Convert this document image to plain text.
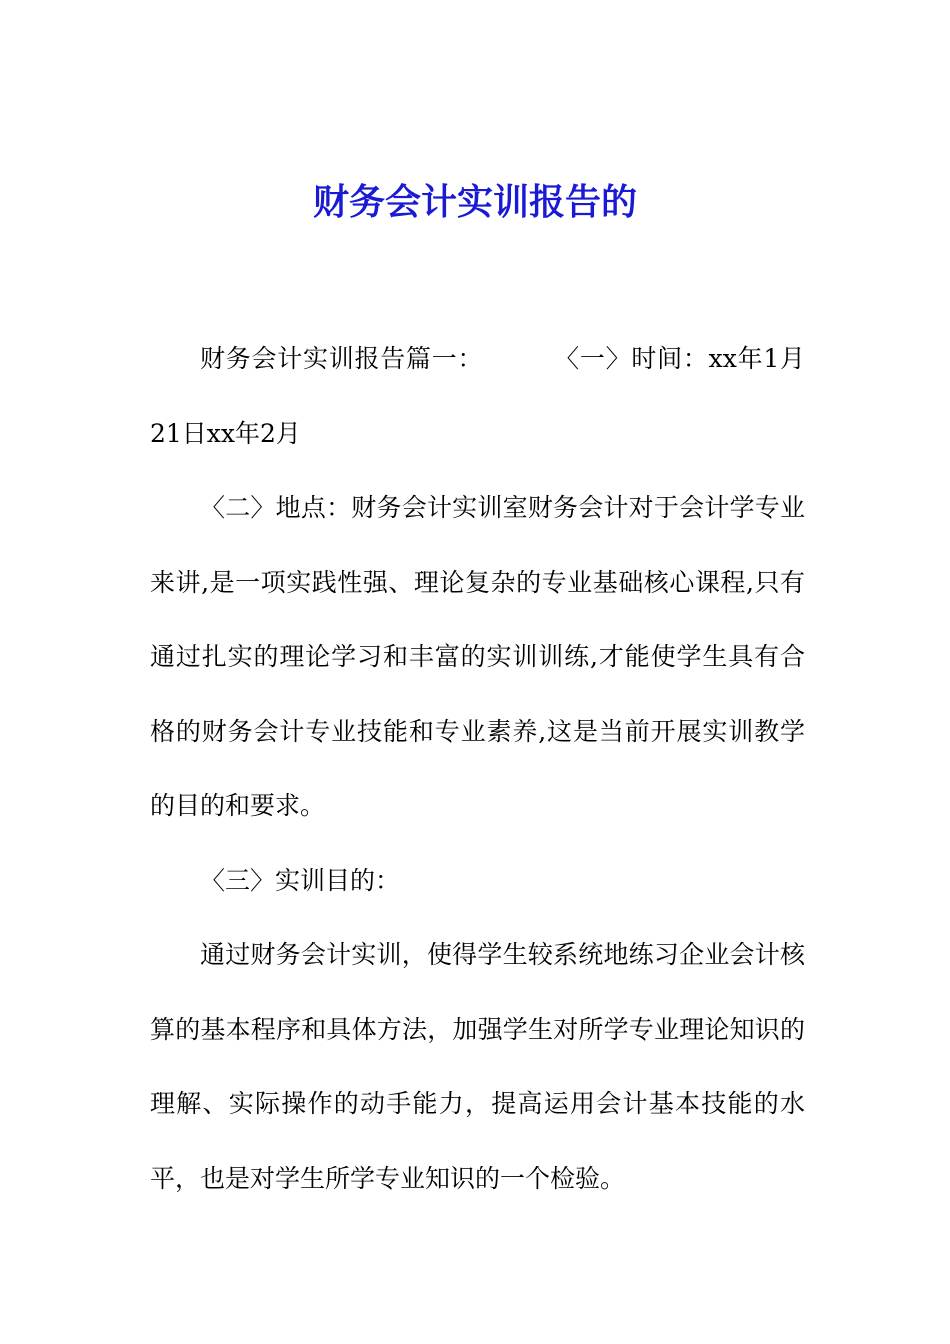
财务会计实训报告的

财务会计实训报告篇一：	〈一〉时间：xx年1月21日xx年2月

〈二〉地点：财务会计实训室财务会计对于会计学专业来讲,是一项实践性强、理论复杂的专业基础核心课程,只有通过扎实的理论学习和丰富的实训训练,才能使学生具有合格的财务会计专业技能和专业素养,这是当前开展实训教学的目的和要求。

〈三〉实训目的：

通过财务会计实训，使得学生较系统地练习企业会计核算的基本程序和具体方法，加强学生对所学专业理论知识的理解、实际操作的动手能力，提高运用会计基本技能的水平，也是对学生所学专业知识的一个检验。
